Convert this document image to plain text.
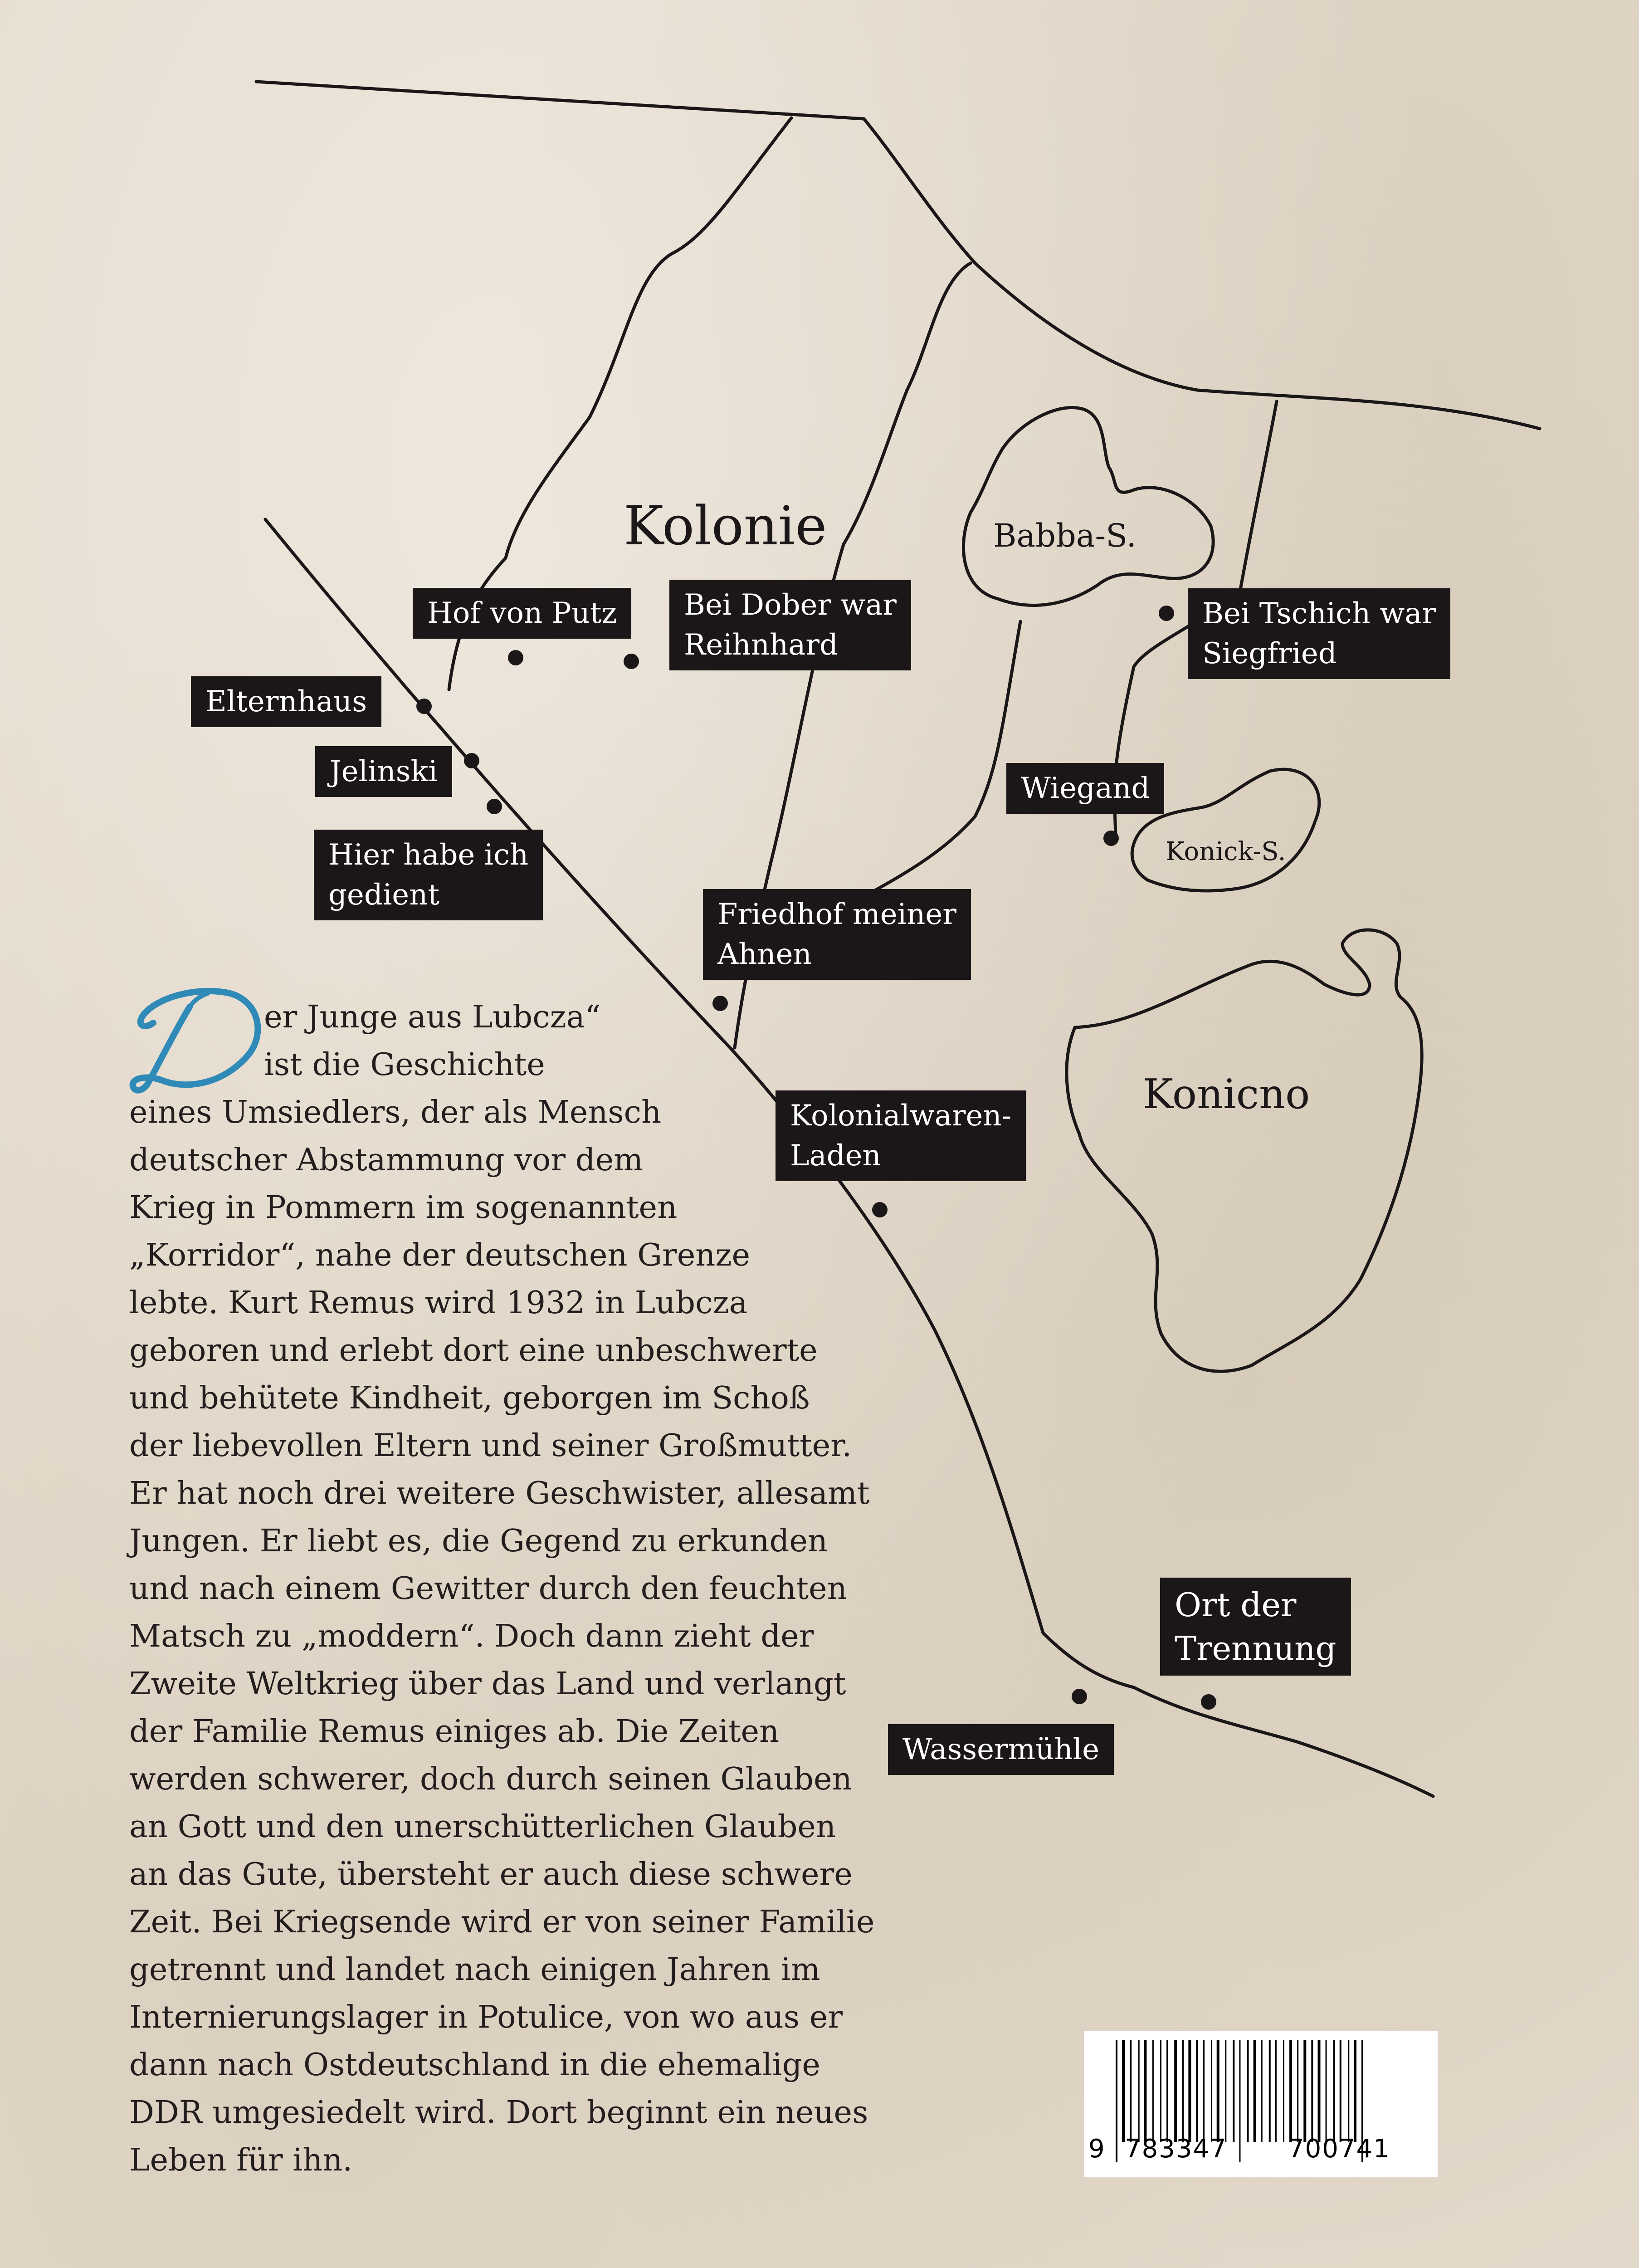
Kolonie	Babba-S.
Konick-S.
Konicno
Hof von Putz	Bei Dober war
Reihnhard
Bei Tschich war
Siegfried
Elternhaus
Jelinski
Hier habe ich
gedient
Wiegand
Friedhof meiner
Ahnen
Kolonialwaren-
Laden
Ort der
Trennung
Wassermühle
er Junge aus Lubcza“
ist die Geschichte
eines Umsiedlers, der als Mensch
deutscher Abstammung vor dem
Krieg in Pommern im sogenannten
„Korridor“, nahe der deutschen Grenze
lebte. Kurt Remus wird 1932 in Lubcza
geboren und erlebt dort eine unbeschwerte
und behütete Kindheit, geborgen im Schoß
der liebevollen Eltern und seiner Großmutter.
Er hat noch drei weitere Geschwister, allesamt
Jungen. Er liebt es, die Gegend zu erkunden
und nach einem Gewitter durch den feuchten
Matsch zu „moddern“. Doch dann zieht der
Zweite Weltkrieg über das Land und verlangt
der Familie Remus einiges ab. Die Zeiten
werden schwerer, doch durch seinen Glauben
an Gott und den unerschütterlichen Glauben
an das Gute, übersteht er auch diese schwere
Zeit. Bei Kriegsende wird er von seiner Familie
getrennt und landet nach einigen Jahren im
Internierungslager in Potulice, von wo aus er
dann nach Ostdeutschland in die ehemalige
DDR umgesiedelt wird. Dort beginnt ein neues
Leben für ihn.	9 783347 700741
